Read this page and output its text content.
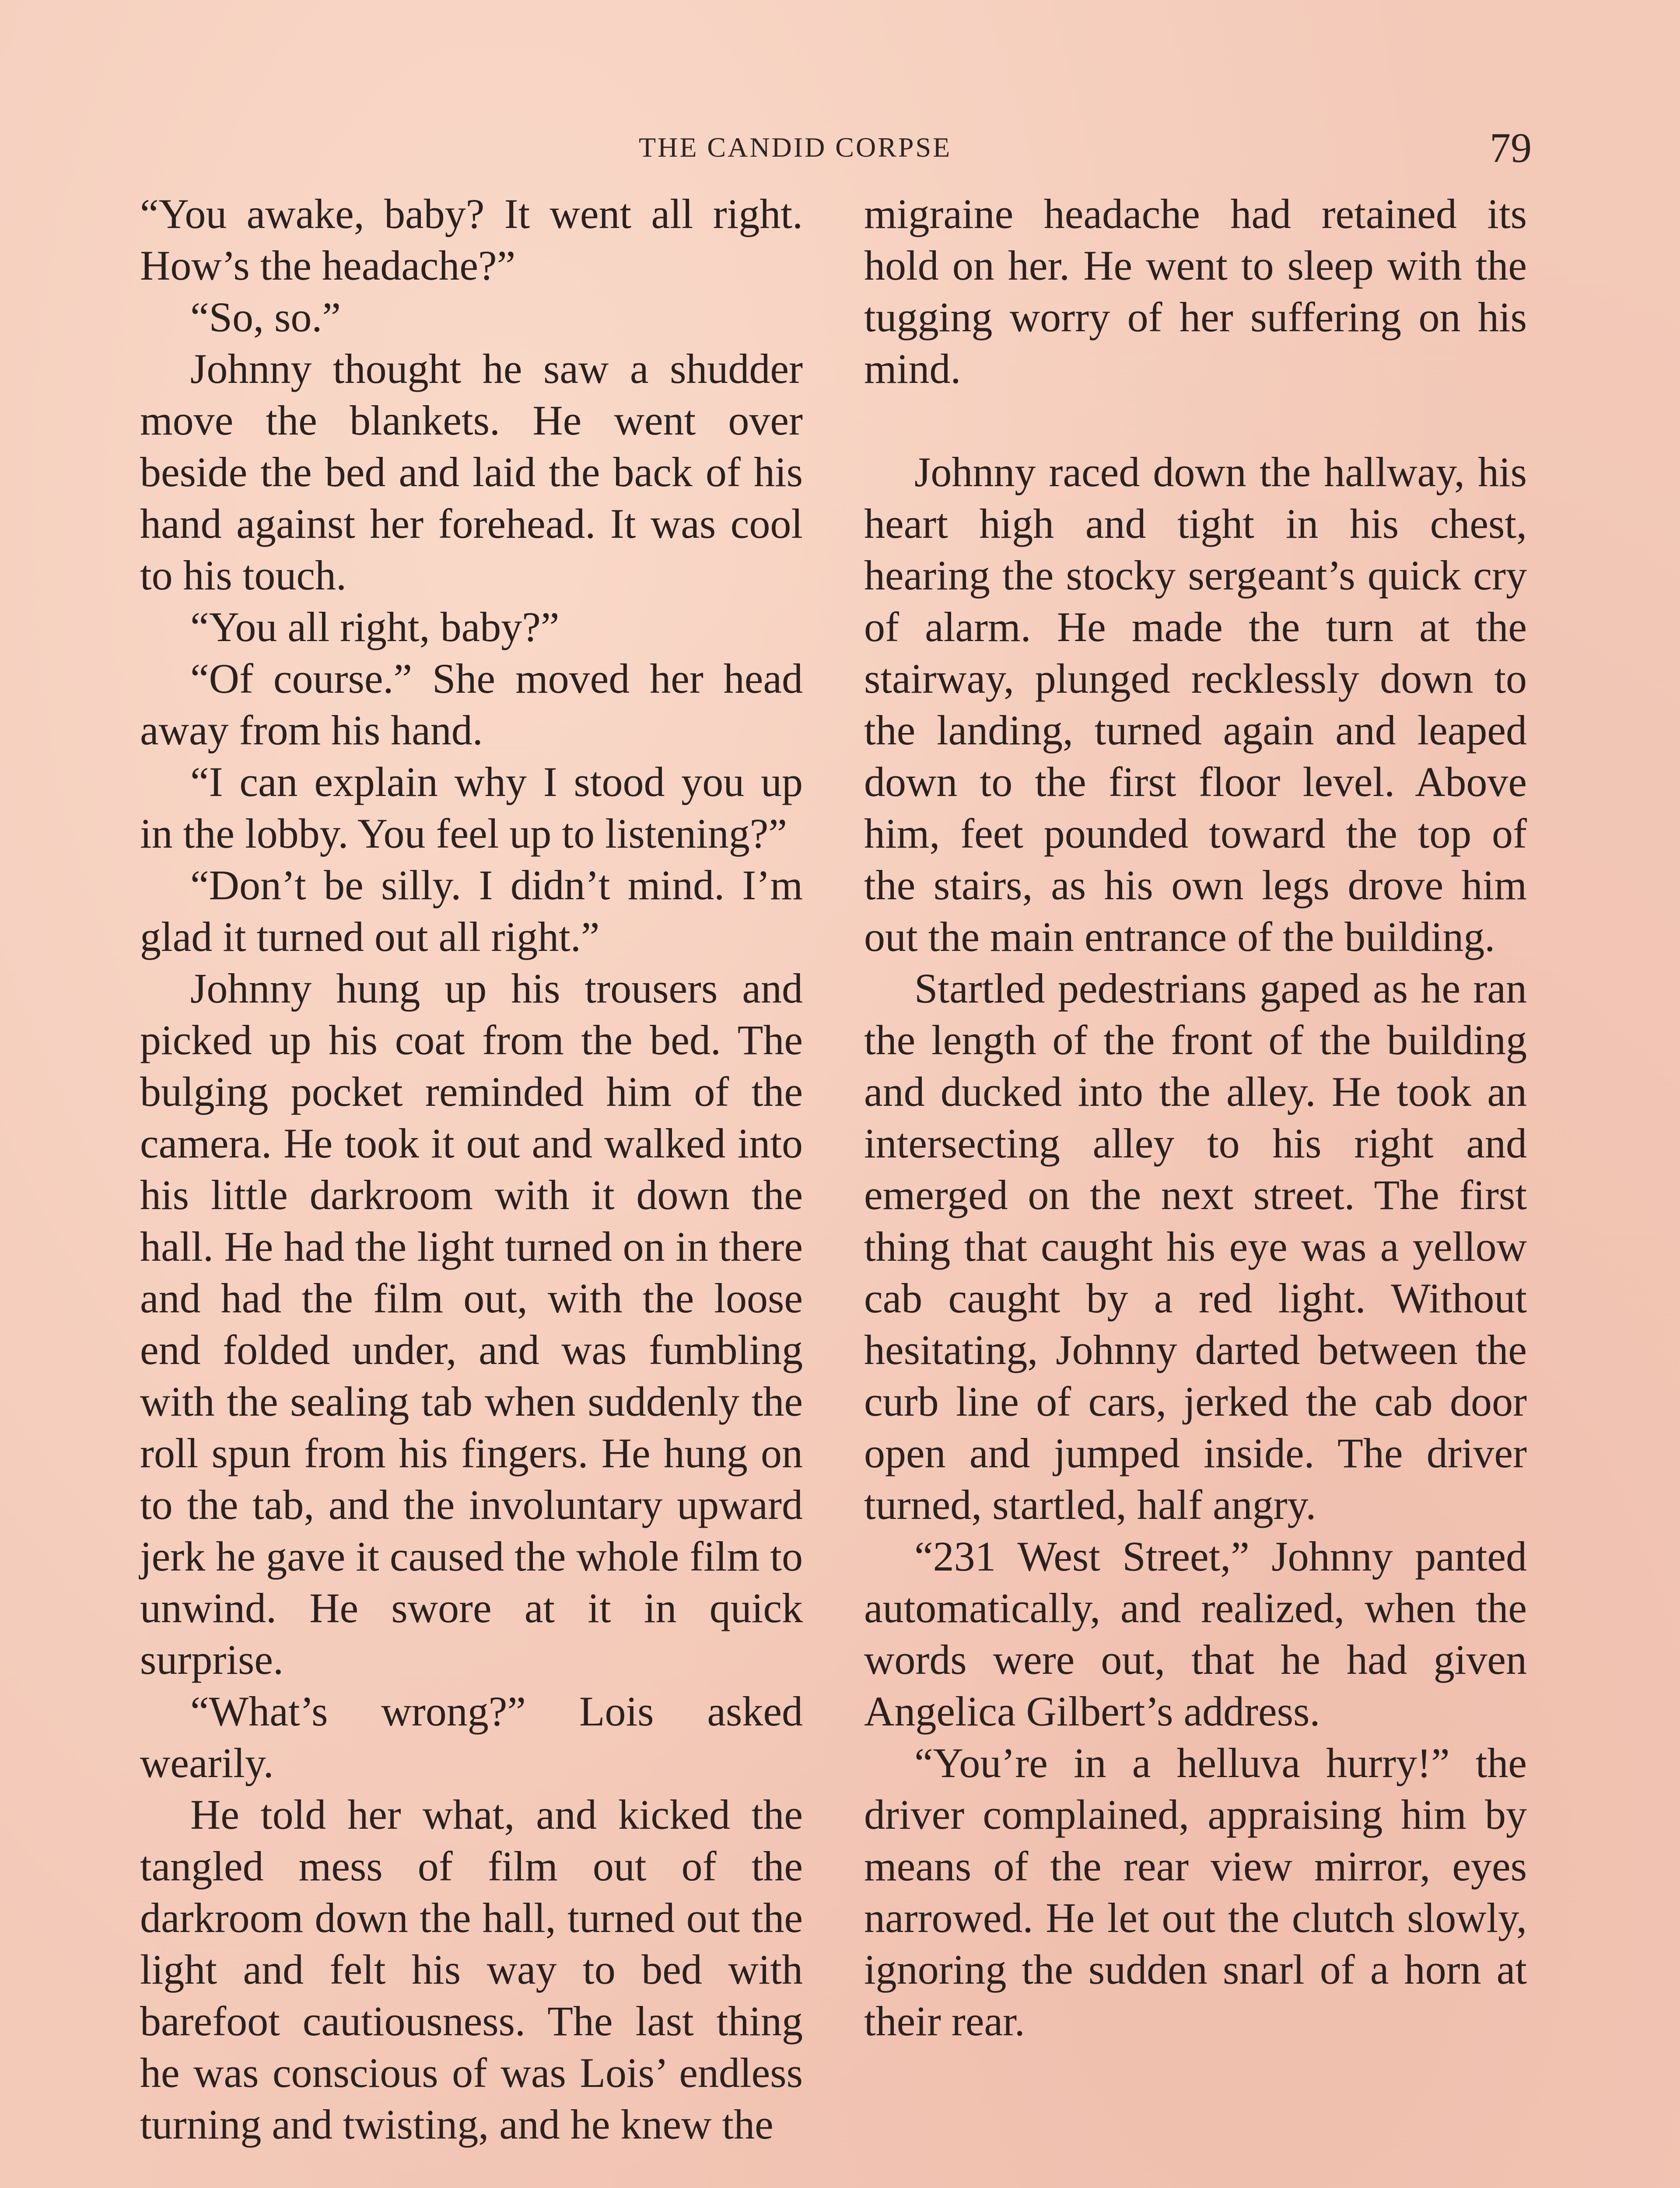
THE CANDID CORPSE	79

“You awake, baby? It went all right. How’s the headache?”

“So, so.”

Johnny thought he saw a shudder move the blankets. He went over beside the bed and laid the back of his hand against her forehead. It was cool to his touch.

“You all right, baby?”

“Of course.” She moved her head away from his hand.

“I can explain why I stood you up in the lobby. You feel up to listening?”

“Don’t be silly. I didn’t mind. I’m glad it turned out all right.”

Johnny hung up his trousers and picked up his coat from the bed. The bulging pocket reminded him of the camera. He took it out and walked into his little darkroom with it down the hall. He had the light turned on in there and had the film out, with the loose end folded under, and was fumbling with the sealing tab when suddenly the roll spun from his fingers. He hung on to the tab, and the involuntary upward jerk he gave it caused the whole film to unwind. He swore at it in quick surprise.

“What’s wrong?” Lois asked wearily.

He told her what, and kicked the tangled mess of film out of the darkroom down the hall, turned out the light and felt his way to bed with barefoot cautiousness. The last thing he was conscious of was Lois’ endless turning and twisting, and he knew the

migraine headache had retained its hold on her. He went to sleep with the tugging worry of her suffering on his mind.

Johnny raced down the hallway, his heart high and tight in his chest, hearing the stocky sergeant’s quick cry of alarm. He made the turn at the stairway, plunged recklessly down to the landing, turned again and leaped down to the first floor level. Above him, feet pounded toward the top of the stairs, as his own legs drove him out the main entrance of the building.

Startled pedestrians gaped as he ran the length of the front of the building and ducked into the alley. He took an intersecting alley to his right and emerged on the next street. The first thing that caught his eye was a yellow cab caught by a red light. Without hesitating, Johnny darted between the curb line of cars, jerked the cab door open and jumped inside. The driver turned, startled, half angry.

“231 West Street,” Johnny panted automatically, and realized, when the words were out, that he had given Angelica Gilbert’s address.

“You’re in a helluva hurry!” the driver complained, appraising him by means of the rear view mirror, eyes narrowed. He let out the clutch slowly, ignoring the sudden snarl of a horn at their rear.
